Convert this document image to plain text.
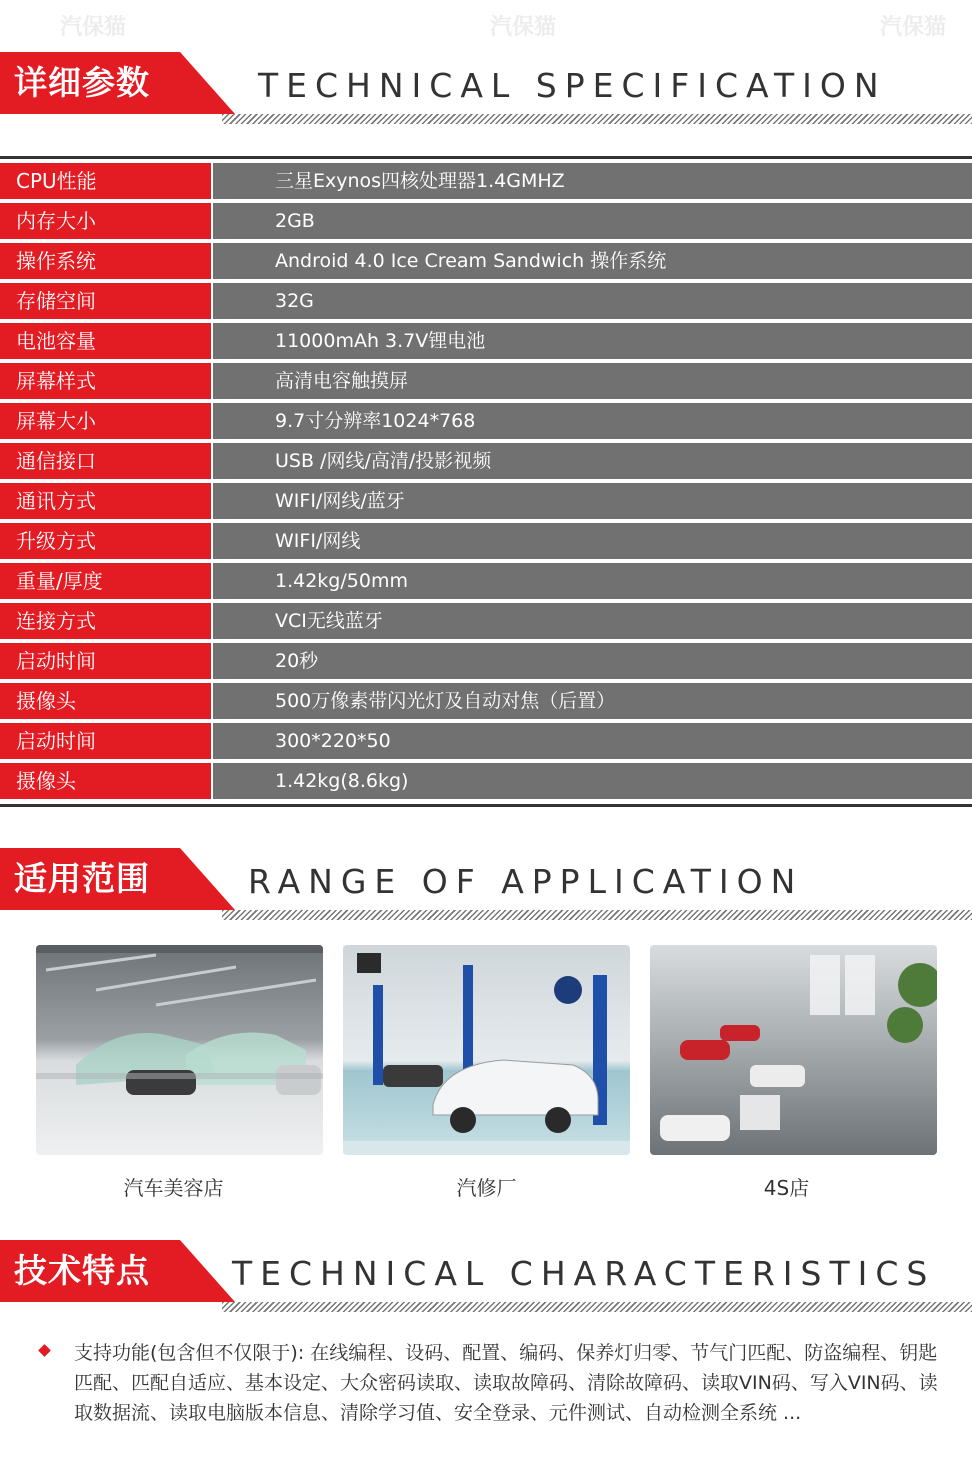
汽保猫	汽保猫	汽保猫
详细参数	TECHNICAL SPECIFICATION
CPU性能	三星Exynos四核处理器1.4GMHZ
内存大小	2GB
操作系统	Android 4.0 Ice Cream Sandwich 操作系统
存储空间	32G
电池容量	11000mAh 3.7V锂电池
屏幕样式	高清电容触摸屏
屏幕大小	9.7寸分辨率1024*768
通信接口	USB /网线/高清/投影视频
通讯方式	WIFI/网线/蓝牙
升级方式	WIFI/网线
重量/厚度	1.42kg/50mm
连接方式	VCI无线蓝牙
启动时间	20秒
摄像头	500万像素带闪光灯及自动对焦（后置）
启动时间	300*220*50
摄像头	1.42kg(8.6kg)
适用范围	RANGE OF APPLICATION
汽车美容店	汽修厂	4S店
技术特点 TECHNICAL CHARACTERISTICS
支持功能(包含但不仅限于): 在线编程、设码、配置、编码、保养灯归零、节气门匹配、防盗编程、钥匙匹配、匹配自适应、基本设定、大众密码读取、读取故障码、清除故障码、读取VIN码、写入VIN码、读取数据流、读取电脑版本信息、清除学习值、安全登录、元件测试、自动检测全系统 ...
